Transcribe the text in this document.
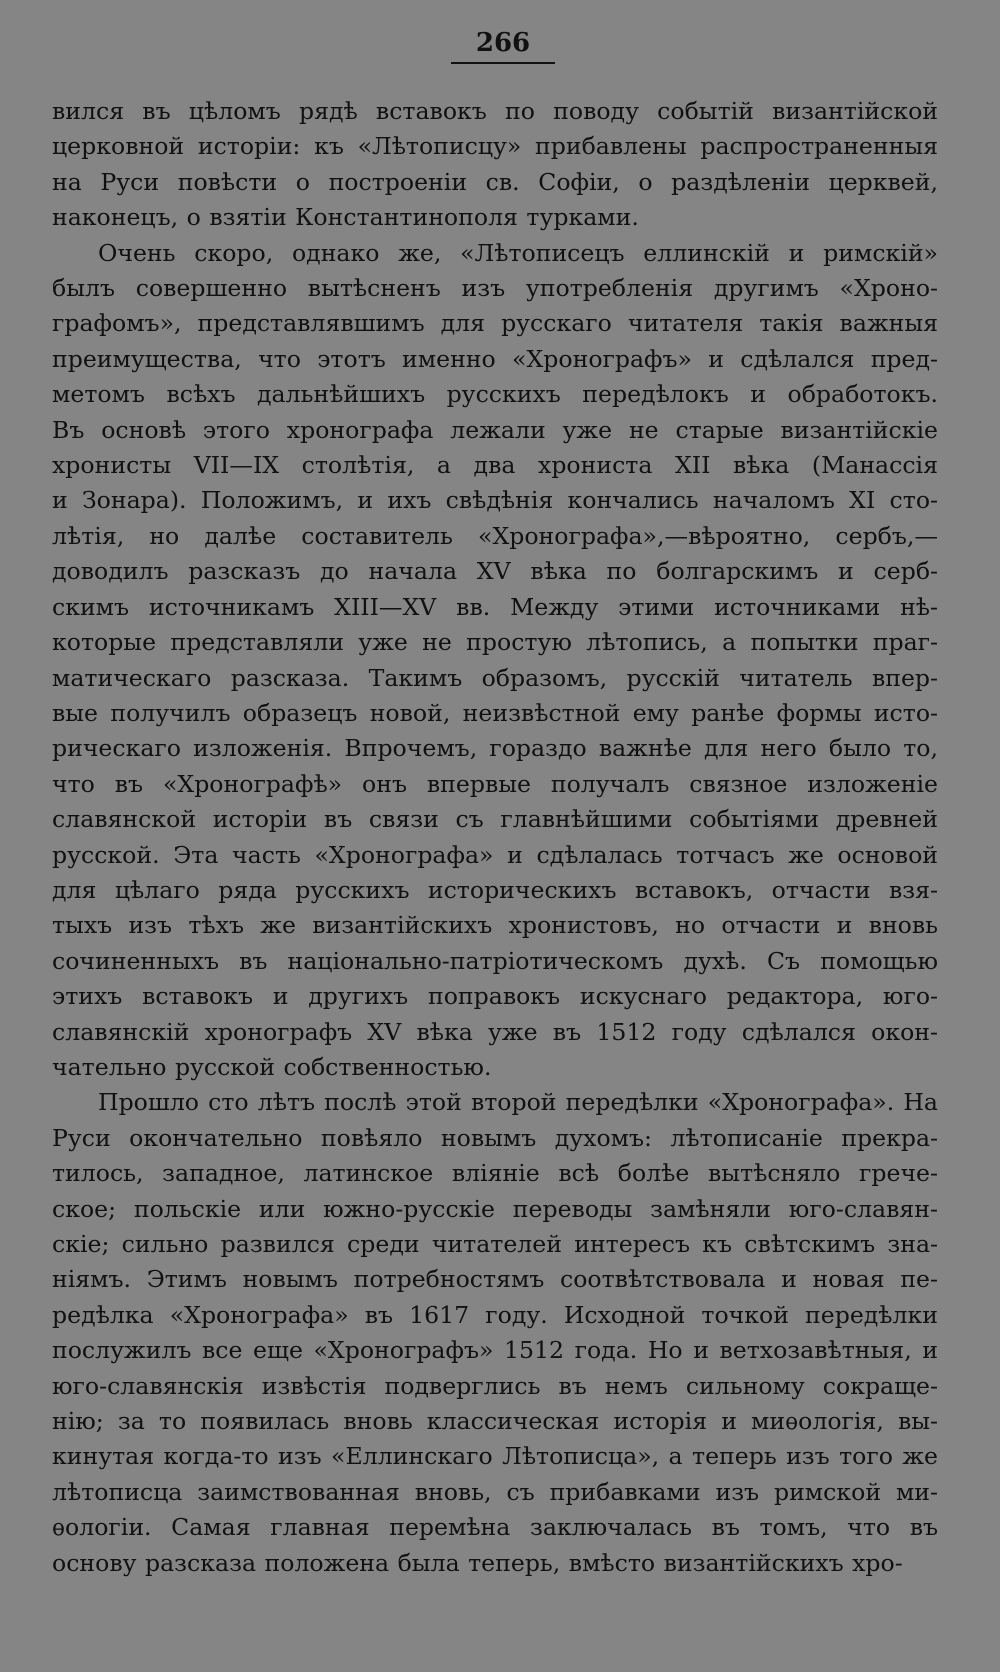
266
вился въ цѣломъ рядѣ вставокъ по поводу событій византійской
церковной исторіи: къ «Лѣтописцу» прибавлены распространенныя
на Руси повѣсти о построеніи св. Софіи, о раздѣленіи церквей,
наконецъ, о взятіи Константинополя турками.
Очень скоро, однако же, «Лѣтописецъ еллинскій и римскій»
былъ совершенно вытѣсненъ изъ употребленія другимъ «Хроно-
графомъ», представлявшимъ для русскаго читателя такія важныя
преимущества, что этотъ именно «Хронографъ» и сдѣлался пред-
метомъ всѣхъ дальнѣйшихъ русскихъ передѣлокъ и обработокъ.
Въ основѣ этого хронографа лежали уже не старые византійскіе
хронисты VII—IX столѣтія, а два хрониста XII вѣка (Манассія
и Зонара). Положимъ, и ихъ свѣдѣнія кончались началомъ XI сто-
лѣтія, но далѣе составитель «Хронографа»,—вѣроятно, сербъ,—
доводилъ разсказъ до начала XV вѣка по болгарскимъ и серб-
скимъ источникамъ XIII—XV вв. Между этими источниками нѣ-
которые представляли уже не простую лѣтопись, а попытки праг-
матическаго разсказа. Такимъ образомъ, русскій читатель впер-
вые получилъ образецъ новой, неизвѣстной ему ранѣе формы исто-
рическаго изложенія. Впрочемъ, гораздо важнѣе для него было то,
что въ «Хронографѣ» онъ впервые получалъ связное изложеніе
славянской исторіи въ связи съ главнѣйшими событіями древней
русской. Эта часть «Хронографа» и сдѣлалась тотчасъ же основой
для цѣлаго ряда русскихъ историческихъ вставокъ, отчасти взя-
тыхъ изъ тѣхъ же византійскихъ хронистовъ, но отчасти и вновь
сочиненныхъ въ національно-патріотическомъ духѣ. Съ помощью
этихъ вставокъ и другихъ поправокъ искуснаго редактора, юго-
славянскій хронографъ XV вѣка уже въ 1512 году сдѣлался окон-
чательно русской собственностью.
Прошло сто лѣтъ послѣ этой второй передѣлки «Хронографа». На
Руси окончательно повѣяло новымъ духомъ: лѣтописаніе прекра-
тилось, западное, латинское вліяніе всѣ болѣе вытѣсняло грече-
ское; польскіе или южно-русскіе переводы замѣняли юго-славян-
скіе; сильно развился среди читателей интересъ къ свѣтскимъ зна-
ніямъ. Этимъ новымъ потребностямъ соотвѣтствовала и новая пе-
редѣлка «Хронографа» въ 1617 году. Исходной точкой передѣлки
послужилъ все еще «Хронографъ» 1512 года. Но и ветхозавѣтныя, и
юго-славянскія извѣстія подверглись въ немъ сильному сокраще-
нію; за то появилась вновь классическая исторія и миѳологія, вы-
кинутая когда-то изъ «Еллинскаго Лѣтописца», а теперь изъ того же
лѣтописца заимствованная вновь, съ прибавками изъ римской ми-
ѳологіи. Самая главная перемѣна заключалась въ томъ, что въ
основу разсказа положена была теперь, вмѣсто византійскихъ хро-
